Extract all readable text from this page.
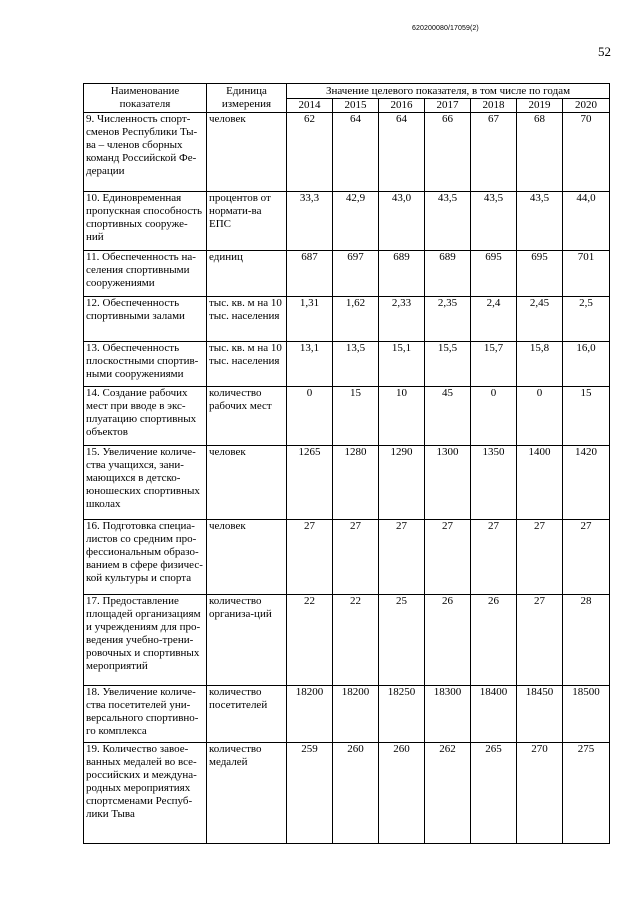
620200080/17059(2)
52
Наименование показателя	Единица измерения	Значение целевого показателя, в том числе по годам						
		2014	2015	2016	2017	2018	2019	2020
9. Численность спорт-сменов Республики Ты-ва – членов сборных команд Российской Фе-дерации	человек	62	64	64	66	67	68	70
10. Единовременная пропускная способность спортивных сооруже-ний	процентов от нормати-ва ЕПС	33,3	42,9	43,0	43,5	43,5	43,5	44,0
11. Обеспеченность на-селения спортивными сооружениями	единиц	687	697	689	689	695	695	701
12. Обеспеченность спортивными залами	тыс. кв. м на 10 тыс. населения	1,31	1,62	2,33	2,35	2,4	2,45	2,5
13. Обеспеченность плоскостными спортив-ными сооружениями	тыс. кв. м на 10 тыс. населения	13,1	13,5	15,1	15,5	15,7	15,8	16,0
14. Создание рабочих мест при вводе в экс-плуатацию спортивных объектов	количество рабочих мест	0	15	10	45	0	0	15
15. Увеличение количе-ства учащихся, зани-мающихся в детско-юношеских спортивных школах	человек	1265	1280	1290	1300	1350	1400	1420
16. Подготовка специа-листов со средним про-фессиональным образо-ванием в сфере физичес-кой культуры и спорта	человек	27	27	27	27	27	27	27
17. Предоставление площадей организациям и учреждениям для про-ведения учебно-трени-ровочных и спортивных мероприятий	количество организа-ций	22	22	25	26	26	27	28
18. Увеличение количе-ства посетителей уни-версального спортивно-го комплекса	количество посетителей	18200	18200	18250	18300	18400	18450	18500
19. Количество завое-ванных медалей во все-российских и междуна-родных мероприятиях спортсменами Респуб-лики Тыва	количество медалей	259	260	260	262	265	270	275
